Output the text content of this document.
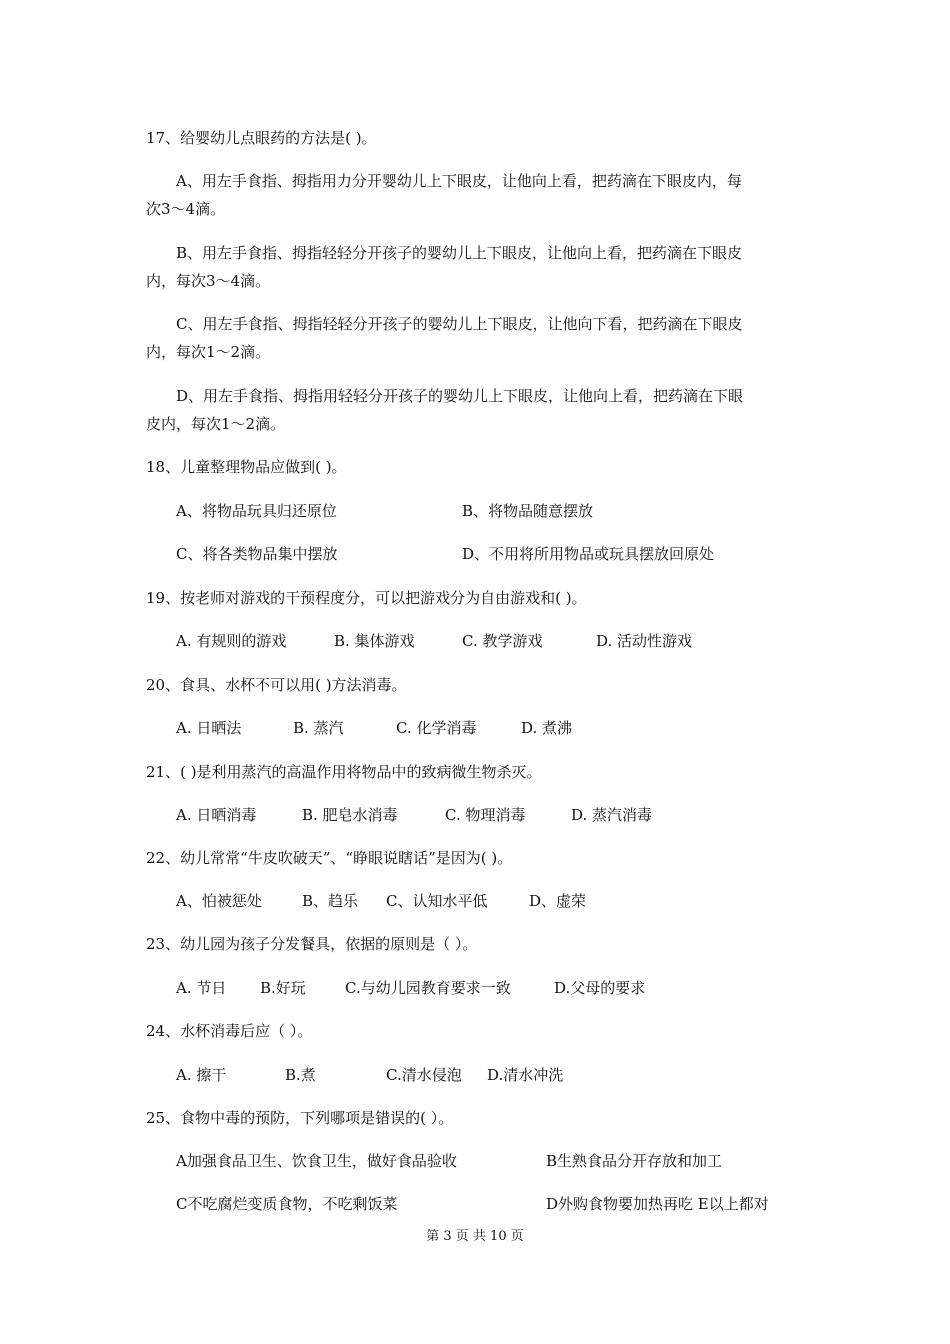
17、给婴幼儿点眼药的方法是( )。
A、用左手食指、拇指用力分开婴幼儿上下眼皮，让他向上看，把药滴在下眼皮内，每
次3～4滴。
B、用左手食指、拇指轻轻分开孩子的婴幼儿上下眼皮，让他向上看，把药滴在下眼皮
内，每次3～4滴。
C、用左手食指、拇指轻轻分开孩子的婴幼儿上下眼皮，让他向下看，把药滴在下眼皮
内，每次1～2滴。
D、用左手食指、拇指用轻轻分开孩子的婴幼儿上下眼皮，让他向上看，把药滴在下眼
皮内，每次1～2滴。
18、儿童整理物品应做到( )。
A、将物品玩具归还原位	B、将物品随意摆放
C、将各类物品集中摆放	D、不用将所用物品或玩具摆放回原处
19、按老师对游戏的干预程度分，可以把游戏分为自由游戏和( )。
A. 有规则的游戏	B. 集体游戏	C. 教学游戏	D. 活动性游戏
20、食具、水杯不可以用( )方法消毒。
A. 日晒法	B. 蒸汽	C. 化学消毒	D. 煮沸
21、( )是利用蒸汽的高温作用将物品中的致病微生物杀灭。
A. 日晒消毒	B. 肥皂水消毒	C. 物理消毒	D. 蒸汽消毒
22、幼儿常常“牛皮吹破天”、“睁眼说瞎话”是因为( )。
A、怕被惩处	B、趋乐 C、认知水平低	D、虚荣
23、幼儿园为孩子分发餐具，依据的原则是（ ）。
A. 节日 B.好玩	C.与幼儿园教育要求一致	D.父母的要求
24、水杯消毒后应（ ）。
A. 擦干	B.煮	C.清水侵泡 D.清水冲洗
25、食物中毒的预防，下列哪项是错误的( ）。
A加强食品卫生、饮食卫生，做好食品验收	B生熟食品分开存放和加工
C不吃腐烂变质食物，不吃剩饭菜	D外购食物要加热再吃 E以上都对
第 3 页 共 10 页
